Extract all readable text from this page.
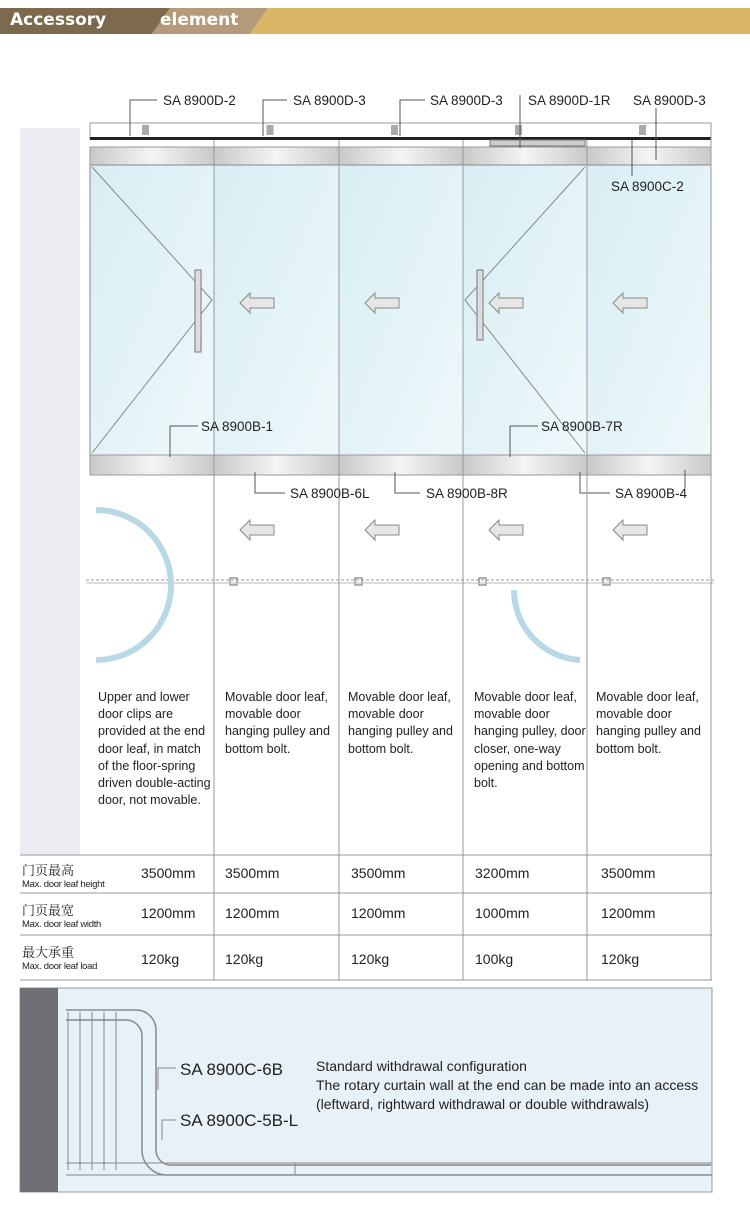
Accessory	element
SA 8900D-2	SA 8900D-3	SA 8900D-3 SA 8900D-1R SA 8900D-3
SA 8900C-2
SA 8900B-1	SA 8900B-7R
SA 8900B-6L	SA 8900B-8R	SA 8900B-4
Upper and lower door clips are provided at the end door leaf, in match of the floor-spring driven double-acting door, not movable.
Movable door leaf, movable door hanging pulley and bottom bolt.
Movable door leaf, movable door hanging pulley and bottom bolt.
Movable door leaf, movable door hanging pulley, door closer, one-way opening and bottom bolt.
Movable door leaf, movable door hanging pulley and bottom bolt.
门页最高
Max. door leaf height
3500mm 3500mm	3500mm	3200mm	3500mm
门页最宽
Max. door leaf width
1200mm 1200mm	1200mm	1000mm	1200mm
最大承重
Max. door leaf load	120kg	120kg	120kg	100kg	120kg
SA 8900C-6B
SA 8900C-5B-L
Standard withdrawal configuration
The rotary curtain wall at the end can be made into an access
(leftward, rightward withdrawal or double withdrawals)
